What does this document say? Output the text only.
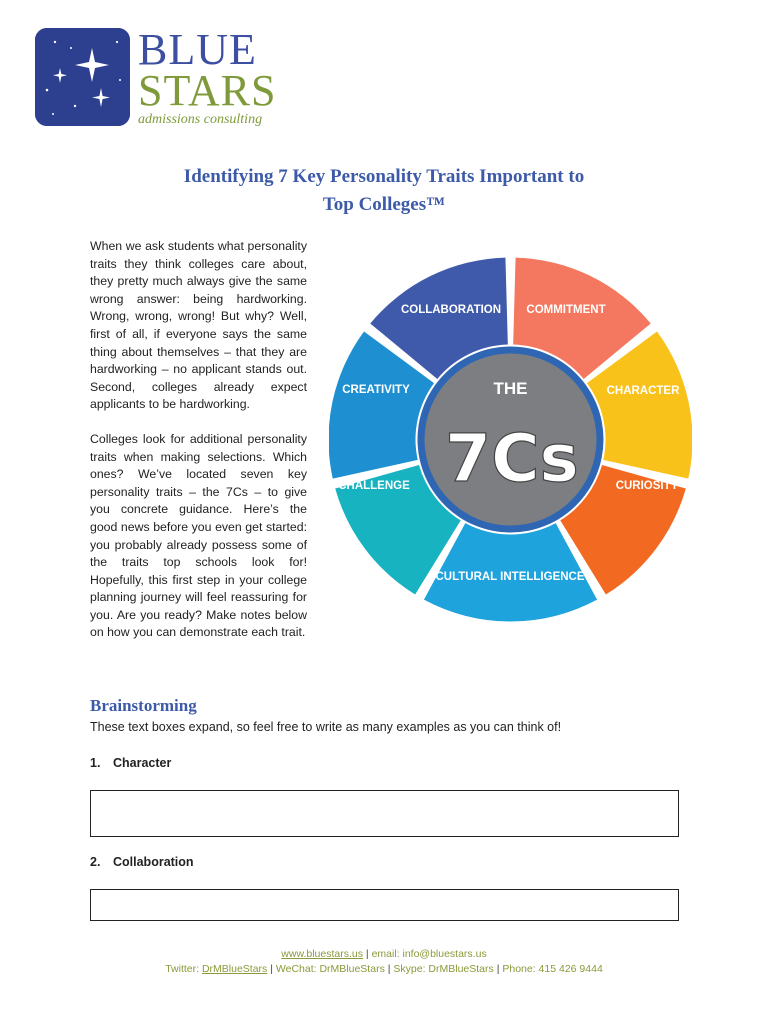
BLUE
STARS
admissions consulting
Identifying 7 Key Personality Traits Important to
Top Colleges™

When we ask students what personality traits they think colleges care about, they pretty much always give the same wrong answer: being hardworking. Wrong, wrong, wrong! But why? Well, first of all, if everyone says the same thing about themselves – that they are hardworking – no applicant stands out. Second, colleges already expect applicants to be hardworking.

Colleges look for additional personality traits when making selections. Which ones? We’ve located seven key personality traits – the 7Cs – to give you concrete guidance. Here’s the good news before you even get started: you probably already possess some of the traits top schools look for! Hopefully, this first step in your college planning journey will feel reassuring for you. Are you ready? Make notes below on how you can demonstrate each trait.

COLLABORATION COMMITMENT
CHARACTER
CURIOSITY
CULTURAL INTELLIGENCE
CHALLENGE
CREATIVITY	THE
7Cs
Brainstorming
These text boxes expand, so feel free to write as many examples as you can think of!
1. Character
2. Collaboration
www.bluestars.us | email: info@bluestars.us
Twitter: DrMBlueStars | WeChat: DrMBlueStars | Skype: DrMBlueStars | Phone: 415 426 9444
